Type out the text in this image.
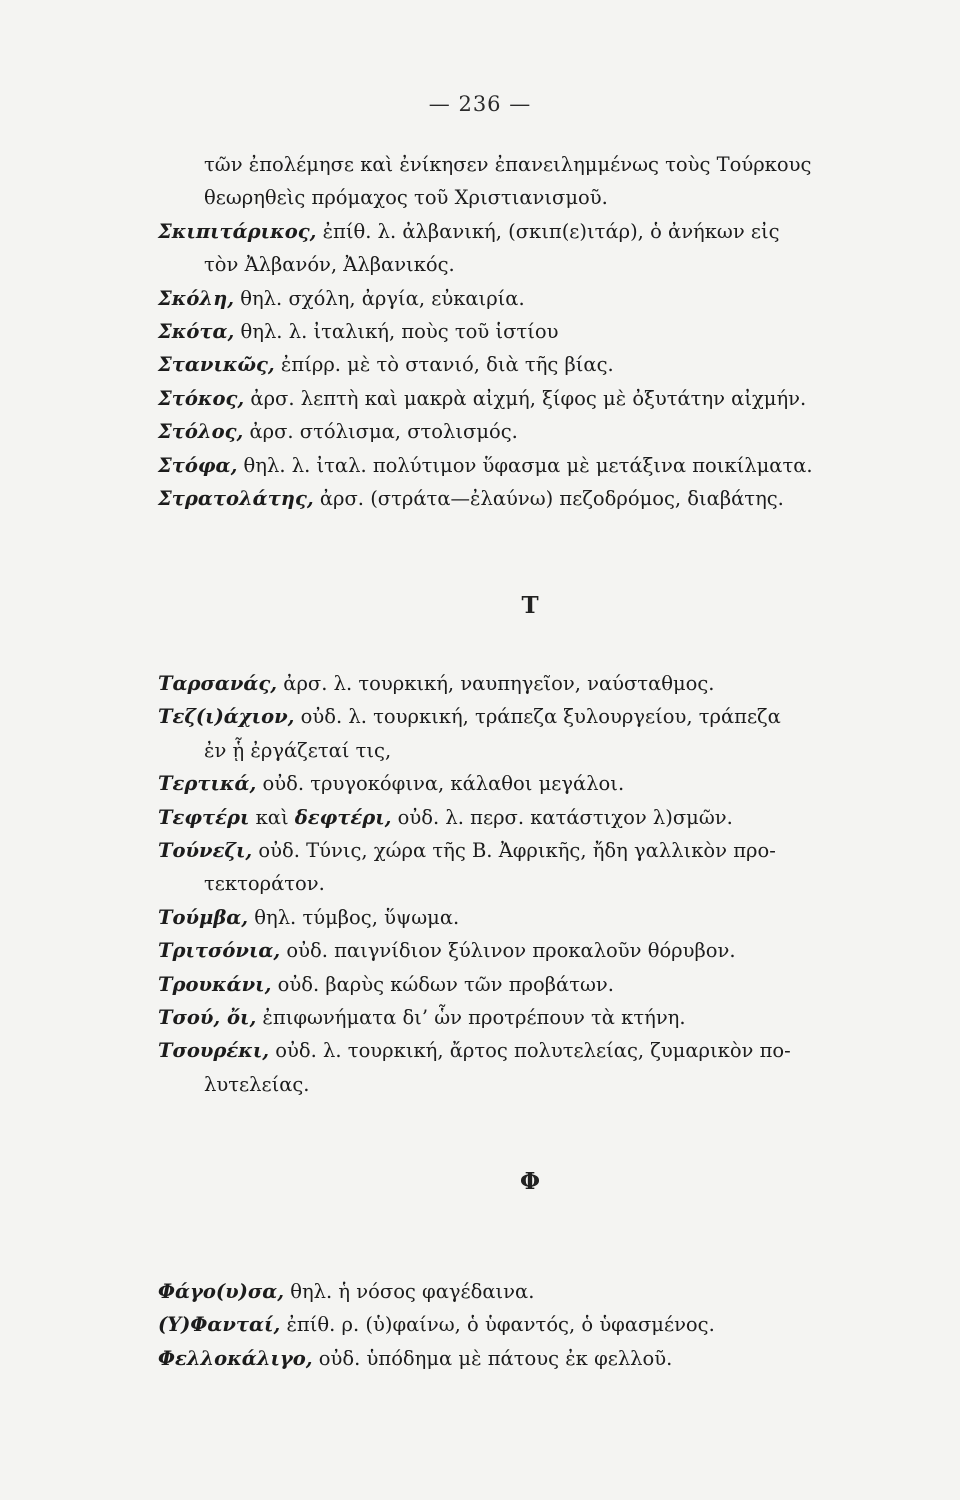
— 236 —
τῶν ἐπολέμησε καὶ ἐνίκησεν ἐπανειλημμένως τοὺς Τούρκους
θεωρηθεὶς πρόμαχος τοῦ Χριστιανισμοῦ.
Σκιπιτάρικος, ἐπίθ. λ. ἀλβανική, (σκιπ(ε)ιτάρ), ὁ ἀνήκων εἰς
τὸν Ἀλβανόν, Ἀλβανικός.
Σκόλη, θηλ. σχόλη, ἀργία, εὐκαιρία.
Σκότα, θηλ. λ. ἰταλική, ποὺς τοῦ ἱστίου
Στανικῶς, ἐπίρρ. μὲ τὸ στανιό, διὰ τῆς βίας.
Στόκος, ἀρσ. λεπτὴ καὶ μακρὰ αἰχμή, ξίφος μὲ ὀξυτάτην αἰχμήν.
Στόλος, ἀρσ. στόλισμα, στολισμός.
Στόφα, θηλ. λ. ἰταλ. πολύτιμον ὕφασμα μὲ μετάξινα ποικίλματα.
Στρατολάτης, ἀρσ. (στράτα—ἐλαύνω) πεζοδρόμος, διαβάτης.
Τ
Ταρσανάς, ἀρσ. λ. τουρκική, ναυπηγεῖον, ναύσταθμος.
Τεζ(ι)άχιον, οὐδ. λ. τουρκική, τράπεζα ξυλουργείου, τράπεζα
ἐν ᾗ ἐργάζεταί τις,
Τερτικά, οὐδ. τρυγοκόφινα, κάλαθοι μεγάλοι.
Τεφτέρι καὶ δεφτέρι, οὐδ. λ. περσ. κατάστιχον λ)σμῶν.
Τούνεζι, οὐδ. Τύνις, χώρα τῆς Β. Ἀφρικῆς, ἤδη γαλλικὸν προ-
τεκτοράτον.
Τούμβα, θηλ. τύμβος, ὕψωμα.
Τριτσόνια, οὐδ. παιγνίδιον ξύλινον προκαλοῦν θόρυβον.
Τρουκάνι, οὐδ. βαρὺς κώδων τῶν προβάτων.
Τσού, ὄι, ἐπιφωνήματα δι’ ὧν προτρέπουν τὰ κτήνη.
Τσουρέκι, οὐδ. λ. τουρκική, ἄρτος πολυτελείας, ζυμαρικὸν πο-
λυτελείας.
Φ
Φάγο(υ)σα, θηλ. ἡ νόσος φαγέδαινα.
(Υ)Φανταί, ἐπίθ. ρ. (ὑ)φαίνω, ὁ ὑφαντός, ὁ ὑφασμένος.
Φελλοκάλιγο, οὐδ. ὑπόδημα μὲ πάτους ἐκ φελλοῦ.
